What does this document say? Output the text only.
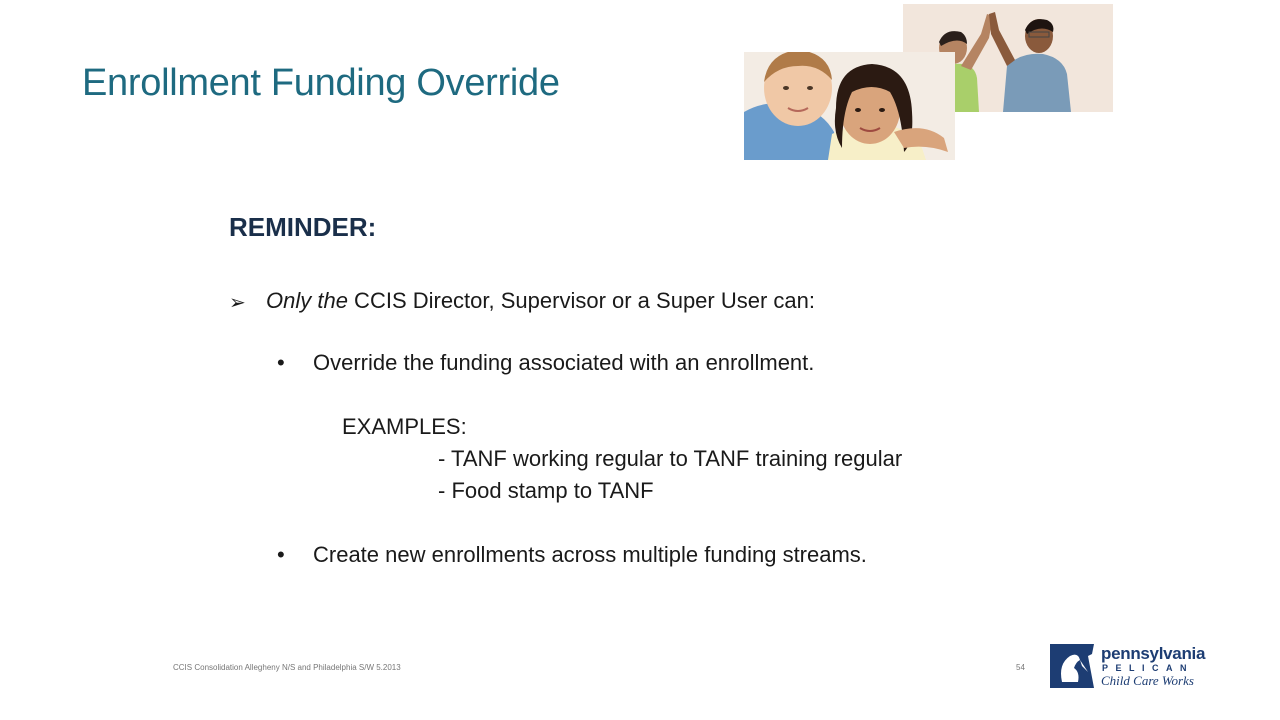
Enrollment Funding Override
REMINDER:
➢ Only the CCIS Director, Supervisor or a Super User can:
• Override the funding associated with an enrollment.
EXAMPLES:
- TANF working regular to TANF training regular
- Food stamp to TANF
• Create new enrollments across multiple funding streams.
CCIS Consolidation Allegheny N/S and Philadelphia S/W 5.2013	54
pennsylvania
PELICAN
Child Care Works
